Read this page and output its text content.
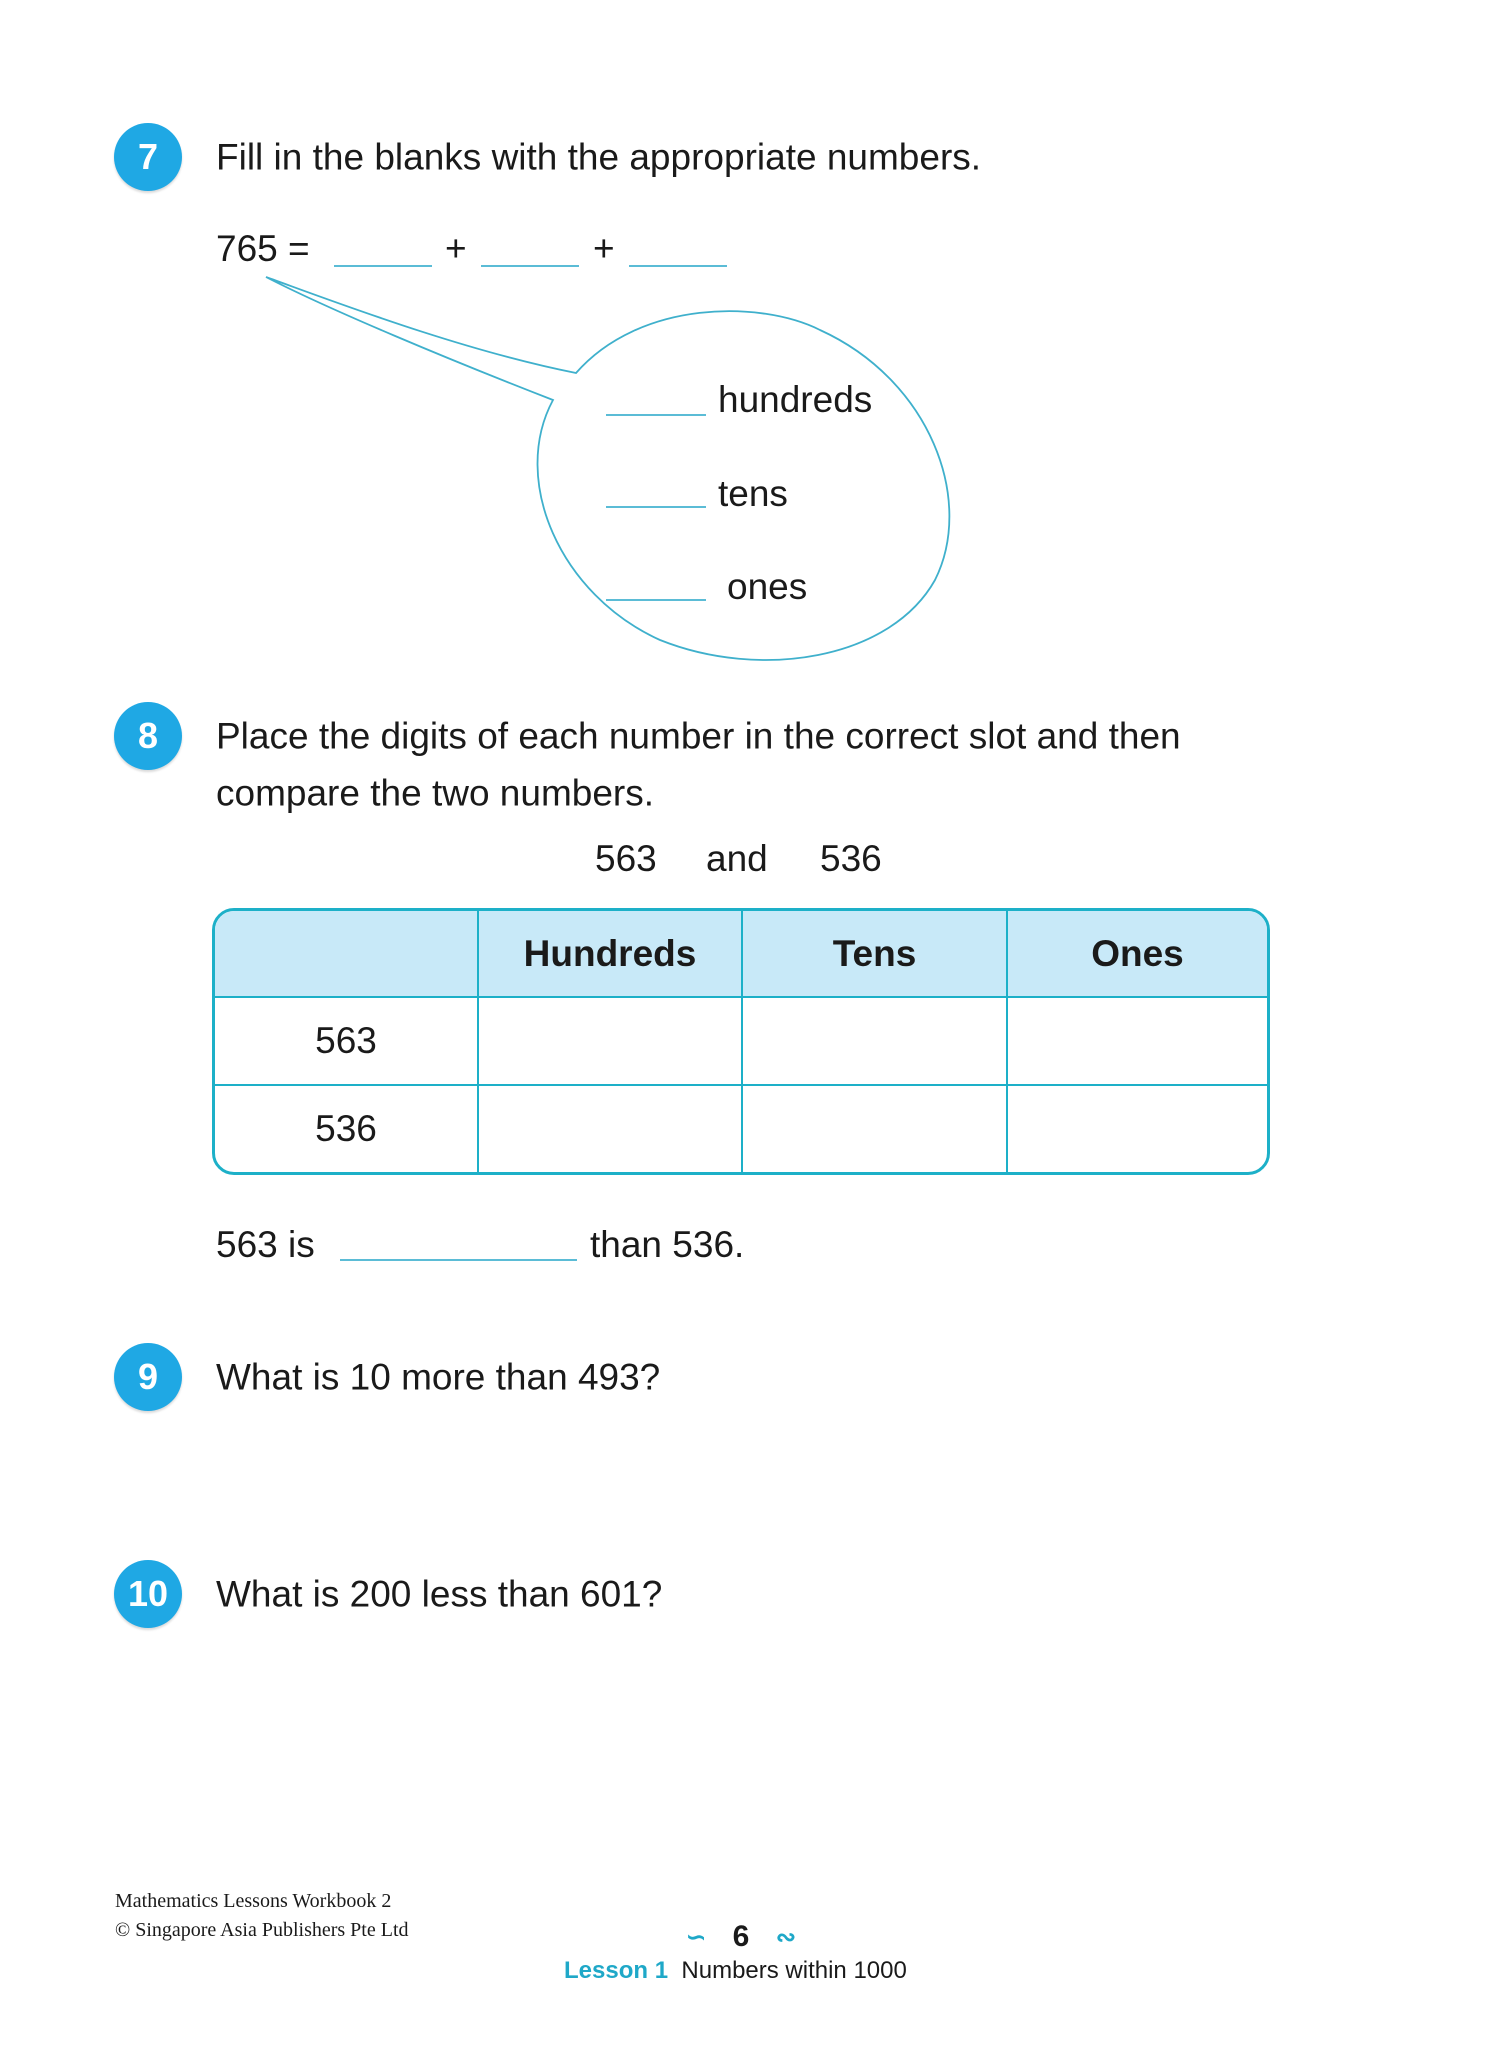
7	Fill in the blanks with the appropriate numbers.
765 =	+	+
hundreds
tens
ones
8	Place the digits of each number in the correct slot and then
compare the two numbers.
563 and 536
	Hundreds	Tens	Ones
563			
536			
563 is	than 536.
9	What is 10 more than 493?
10	What is 200 less than 601?
Mathematics Lessons Workbook 2
© Singapore Asia Publishers Pte Ltd	∽ 6 ∾
Lesson 1 Numbers within 1000
